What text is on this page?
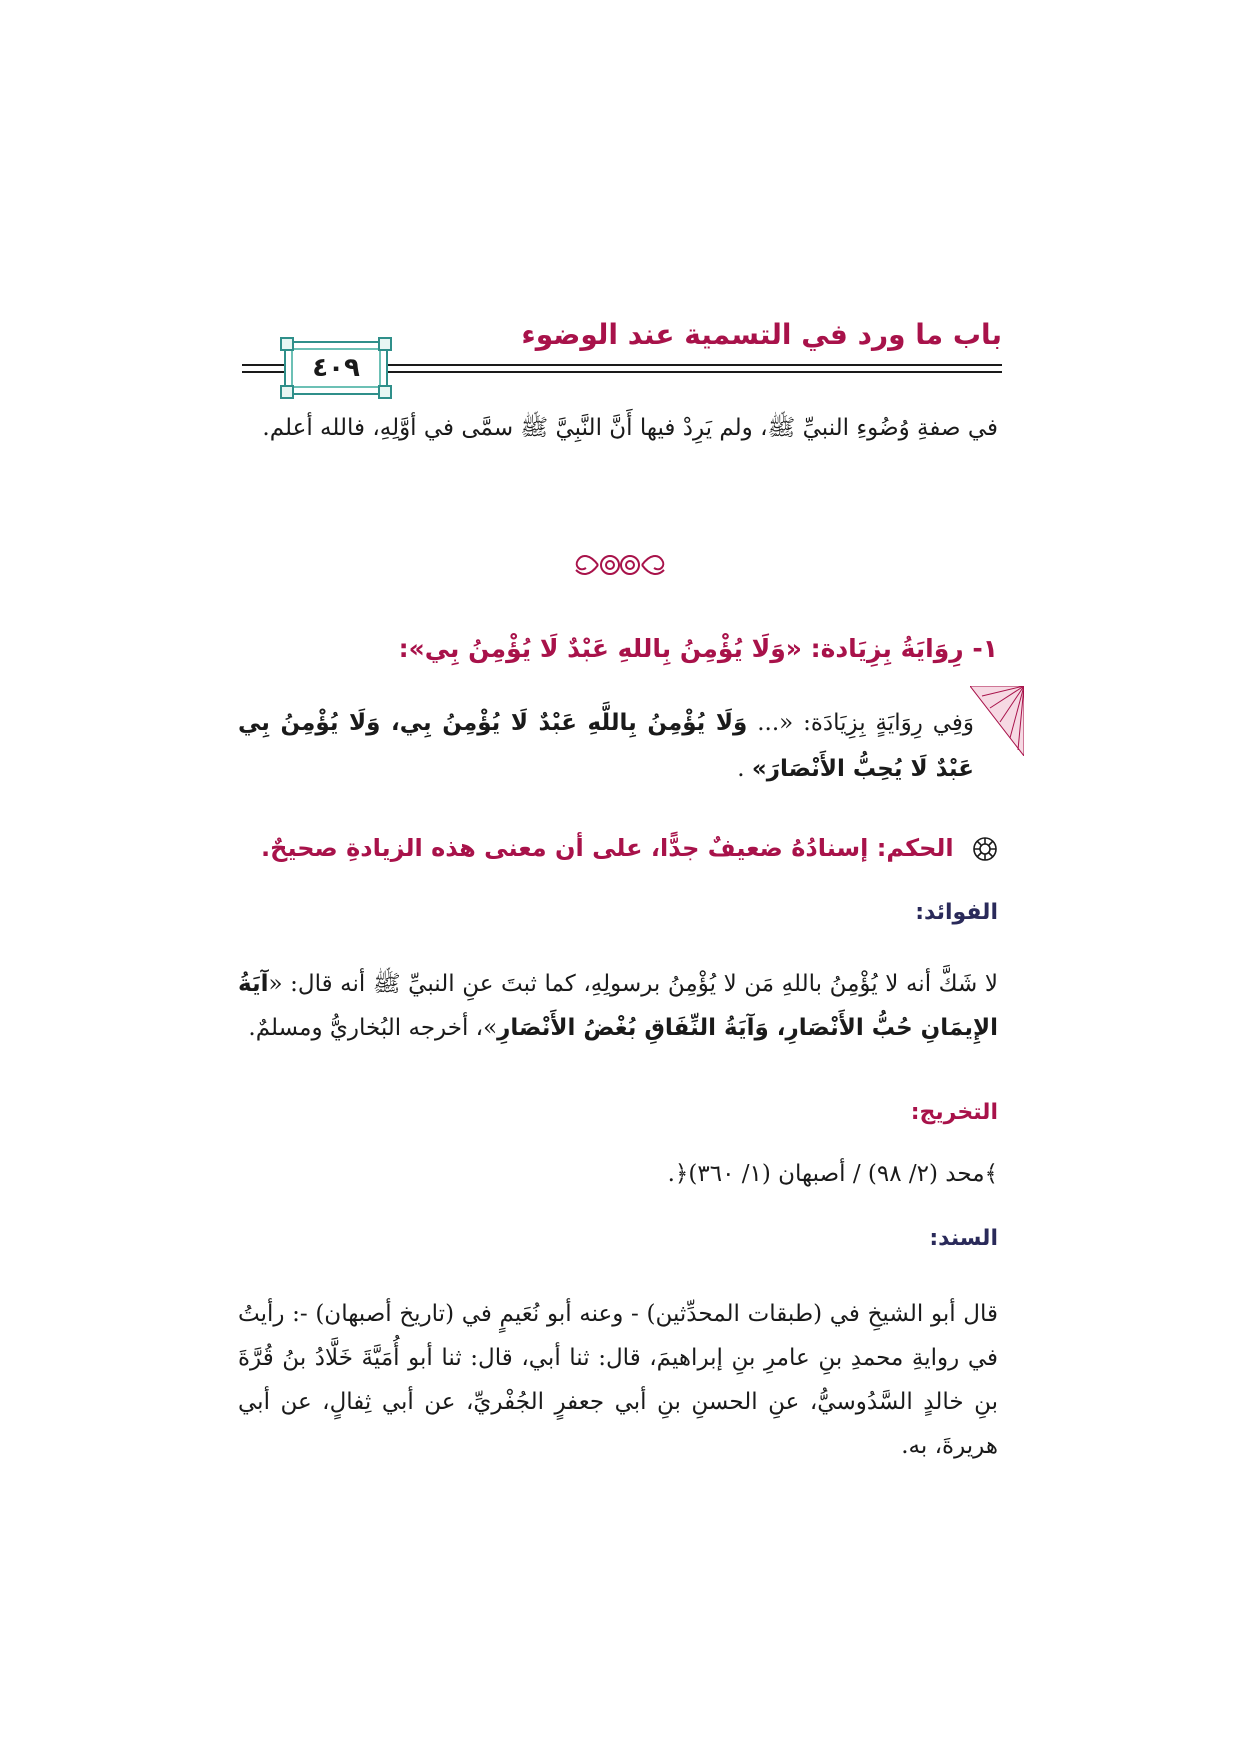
باب ما ورد في التسمية عند الوضوء
٤٠٩
في صفةِ وُضُوءِ النبيِّ ﷺ، ولم يَرِدْ فيها أَنَّ النَّبِيَّ ﷺ سمَّى في أوَّلِهِ، فالله أعلم.
١- رِوَايَةُ بِزِيَادة: «وَلَا يُؤْمِنُ بِاللهِ عَبْدٌ لَا يُؤْمِنُ بِي»:
وَفِي رِوَايَةٍ بِزِيَادَة: «... وَلَا يُؤْمِنُ بِاللَّهِ عَبْدٌ لَا يُؤْمِنُ بِي، وَلَا يُؤْمِنُ بِي عَبْدٌ لَا يُحِبُّ الأَنْصَارَ» .
الحكم: إسنادُهُ ضعيفٌ جدًّا، على أن معنى هذه الزيادةِ صحيحٌ.
الفوائد:
لا شَكَّ أنه لا يُؤْمِنُ باللهِ مَن لا يُؤْمِنُ برسولِهِ، كما ثبتَ عنِ النبيِّ ﷺ أنه قال: «آيَةُ الإِيمَانِ حُبُّ الأَنْصَارِ، وَآيَةُ النِّفَاقِ بُغْضُ الأَنْصَارِ»، أخرجه البُخاريُّ ومسلمٌ.
التخريج:
﴾محد (٢/ ٩٨) / أصبهان (١/ ٣٦٠)﴿.
السند:
قال أبو الشيخِ في (طبقات المحدِّثين) - وعنه أبو نُعَيمٍ في (تاريخ أصبهان) -: رأيتُ في روايةِ محمدِ بنِ عامرِ بنِ إبراهيمَ، قال: ثنا أبي، قال: ثنا أبو أُمَيَّةَ خَلَّادُ بنُ قُرَّةَ بنِ خالدٍ السَّدُوسيُّ، عنِ الحسنِ بنِ أبي جعفرٍ الجُفْريِّ، عن أبي ثِفالٍ، عن أبي هريرةَ، به.
